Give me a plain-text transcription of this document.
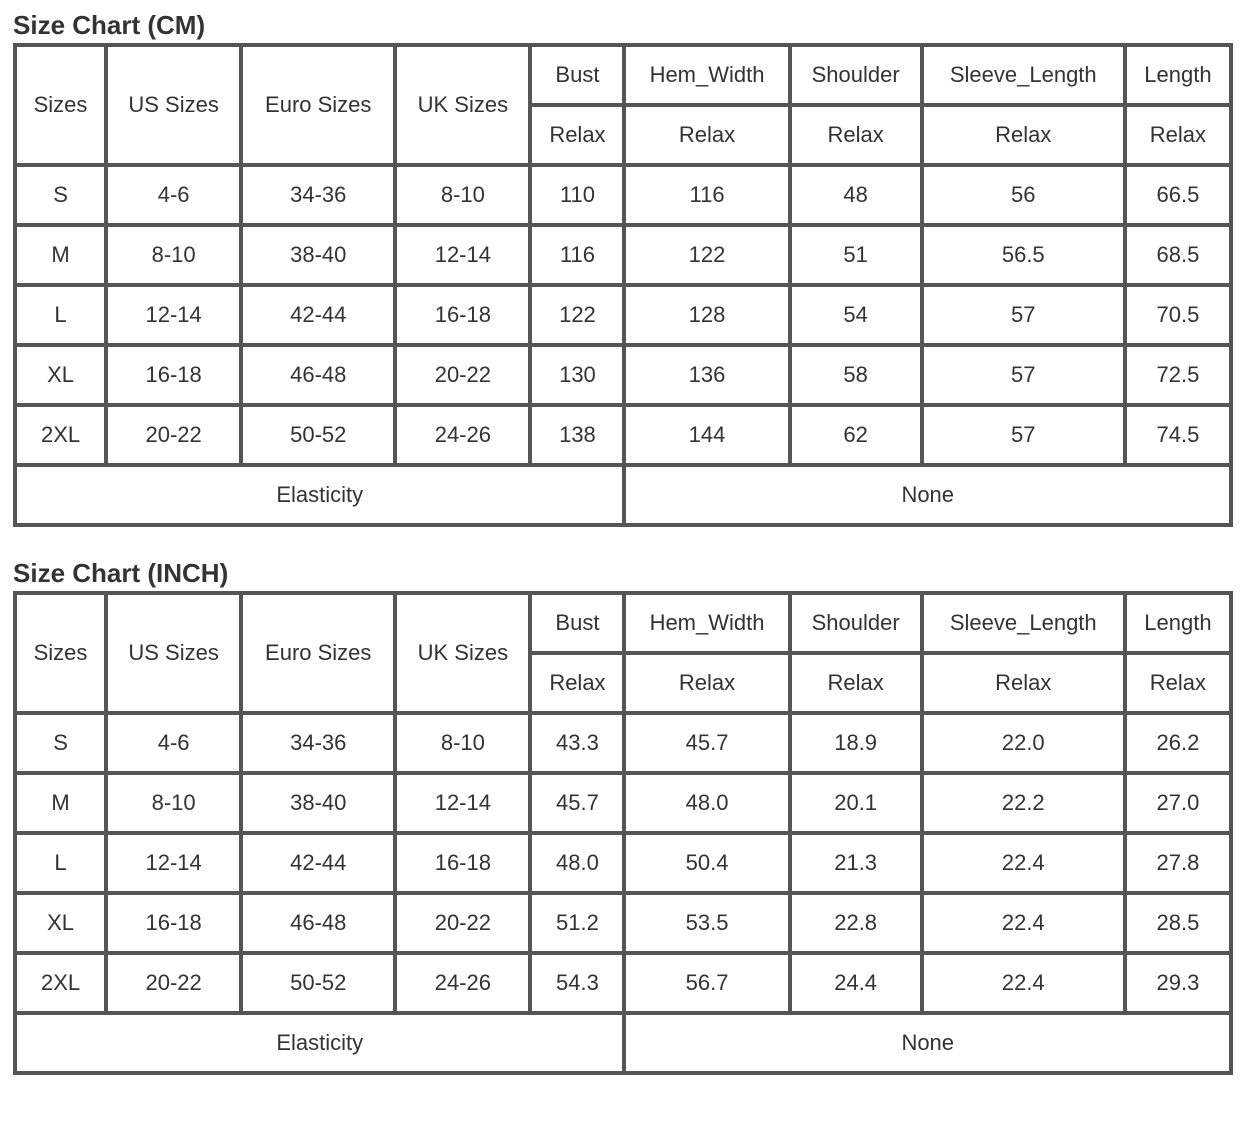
Size Chart (CM)
Sizes	US Sizes	Euro Sizes	UK Sizes	Bust	Hem_Width	Shoulder	Sleeve_Length	Length
				Relax	Relax	Relax	Relax	Relax
S	4-6	34-36	8-10	110	116	48	56	66.5
M	8-10	38-40	12-14	116	122	51	56.5	68.5
L	12-14	42-44	16-18	122	128	54	57	70.5
XL	16-18	46-48	20-22	130	136	58	57	72.5
2XL	20-22	50-52	24-26	138	144	62	57	74.5
Elasticity					None			
Size Chart (INCH)
Sizes	US Sizes	Euro Sizes	UK Sizes	Bust	Hem_Width	Shoulder	Sleeve_Length	Length
				Relax	Relax	Relax	Relax	Relax
S	4-6	34-36	8-10	43.3	45.7	18.9	22.0	26.2
M	8-10	38-40	12-14	45.7	48.0	20.1	22.2	27.0
L	12-14	42-44	16-18	48.0	50.4	21.3	22.4	27.8
XL	16-18	46-48	20-22	51.2	53.5	22.8	22.4	28.5
2XL	20-22	50-52	24-26	54.3	56.7	24.4	22.4	29.3
Elasticity					None			
